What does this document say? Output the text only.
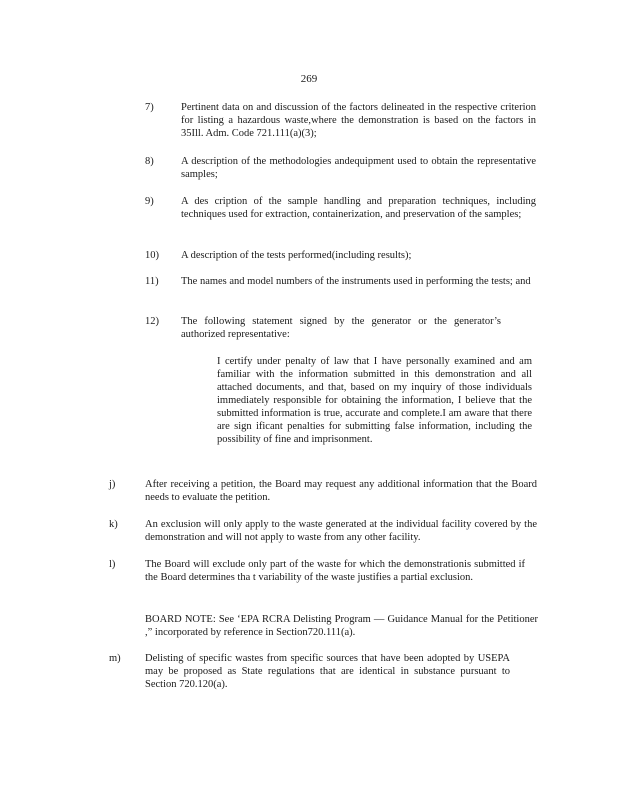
269
7)	Pertinent data on and discussion of the factors delineated in the respective criterion for listing a hazardous waste,where the demonstration is based on the factors in 35Ill. Adm. Code 721.111(a)(3);
8)	A description of the methodologies andequipment used to obtain the representative samples;
9)	A des cription of the sample handling and preparation techniques, including techniques used for extraction, containerization, and preservation of the samples;
10) A description of the tests performed(including results);
11) The names and model numbers of the instruments used in performing the tests; and
12) The following statement signed by the generator or the generator’s authorized representative:
I certify under penalty of law that I have personally examined and am familiar with the information submitted in this demonstration and all attached documents, and that, based on my inquiry of those individuals immediately responsible for obtaining the information, I believe that the submitted information is true, accurate and complete.I am aware that there are sign ificant penalties for submitting false information, including the possibility of fine and imprisonment.
j)	After receiving a petition, the Board may request any additional information that the Board needs to evaluate the petition.
k)	An exclusion will only apply to the waste generated at the individual facility covered by the demonstration and will not apply to waste from any other facility.
l)	The Board will exclude only part of the waste for which the demonstrationis submitted if the Board determines tha t variability of the waste justifies a partial exclusion.
BOARD NOTE: See ‘EPA RCRA Delisting Program — Guidance Manual for the Petitioner ,” incorporated by reference in Section720.111(a).
m) Delisting of specific wastes from specific sources that have been adopted by USEPA may be proposed as State regulations that are identical in substance pursuant to Section 720.120(a).
